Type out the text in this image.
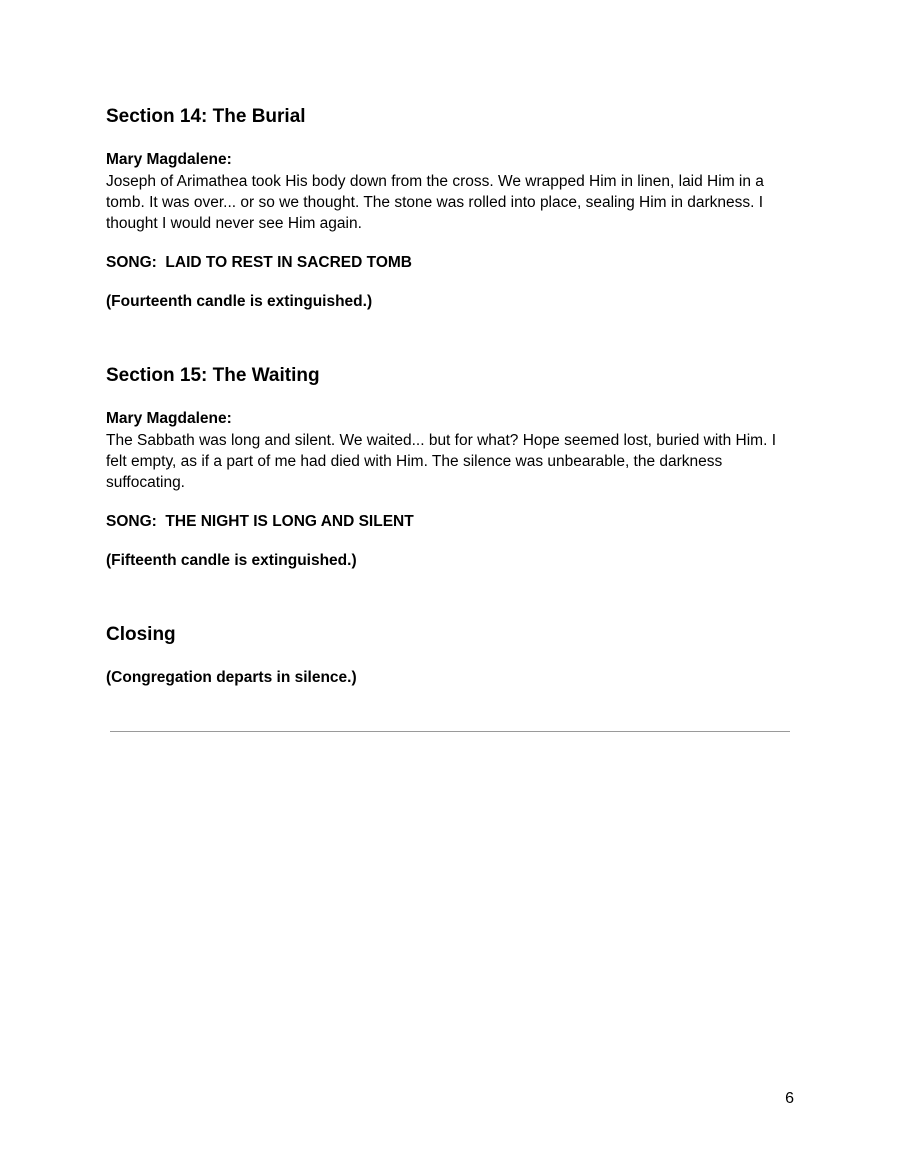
Section 14: The Burial
Mary Magdalene:
Joseph of Arimathea took His body down from the cross. We wrapped Him in linen, laid Him in a tomb. It was over... or so we thought. The stone was rolled into place, sealing Him in darkness. I thought I would never see Him again.
SONG:  LAID TO REST IN SACRED TOMB
(Fourteenth candle is extinguished.)
Section 15: The Waiting
Mary Magdalene:
The Sabbath was long and silent. We waited... but for what? Hope seemed lost, buried with Him. I felt empty, as if a part of me had died with Him. The silence was unbearable, the darkness suffocating.
SONG:  THE NIGHT IS LONG AND SILENT
(Fifteenth candle is extinguished.)
Closing
(Congregation departs in silence.)
6
